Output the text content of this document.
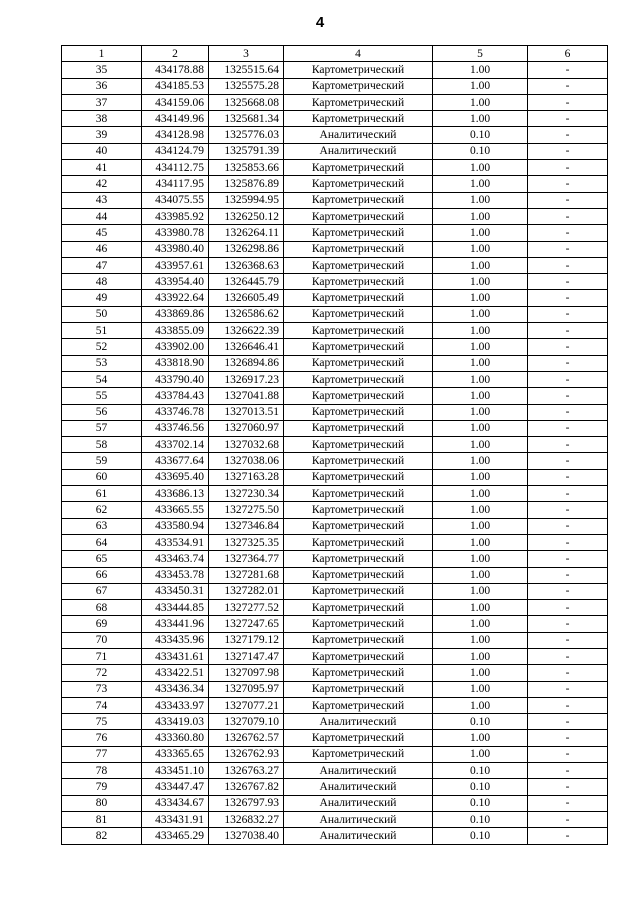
4
1	2	3	4	5	6
35	434178.88	1325515.64	Картометрический	1.00	-
36	434185.53	1325575.28	Картометрический	1.00	-
37	434159.06	1325668.08	Картометрический	1.00	-
38	434149.96	1325681.34	Картометрический	1.00	-
39	434128.98	1325776.03	Аналитический	0.10	-
40	434124.79	1325791.39	Аналитический	0.10	-
41	434112.75	1325853.66	Картометрический	1.00	-
42	434117.95	1325876.89	Картометрический	1.00	-
43	434075.55	1325994.95	Картометрический	1.00	-
44	433985.92	1326250.12	Картометрический	1.00	-
45	433980.78	1326264.11	Картометрический	1.00	-
46	433980.40	1326298.86	Картометрический	1.00	-
47	433957.61	1326368.63	Картометрический	1.00	-
48	433954.40	1326445.79	Картометрический	1.00	-
49	433922.64	1326605.49	Картометрический	1.00	-
50	433869.86	1326586.62	Картометрический	1.00	-
51	433855.09	1326622.39	Картометрический	1.00	-
52	433902.00	1326646.41	Картометрический	1.00	-
53	433818.90	1326894.86	Картометрический	1.00	-
54	433790.40	1326917.23	Картометрический	1.00	-
55	433784.43	1327041.88	Картометрический	1.00	-
56	433746.78	1327013.51	Картометрический	1.00	-
57	433746.56	1327060.97	Картометрический	1.00	-
58	433702.14	1327032.68	Картометрический	1.00	-
59	433677.64	1327038.06	Картометрический	1.00	-
60	433695.40	1327163.28	Картометрический	1.00	-
61	433686.13	1327230.34	Картометрический	1.00	-
62	433665.55	1327275.50	Картометрический	1.00	-
63	433580.94	1327346.84	Картометрический	1.00	-
64	433534.91	1327325.35	Картометрический	1.00	-
65	433463.74	1327364.77	Картометрический	1.00	-
66	433453.78	1327281.68	Картометрический	1.00	-
67	433450.31	1327282.01	Картометрический	1.00	-
68	433444.85	1327277.52	Картометрический	1.00	-
69	433441.96	1327247.65	Картометрический	1.00	-
70	433435.96	1327179.12	Картометрический	1.00	-
71	433431.61	1327147.47	Картометрический	1.00	-
72	433422.51	1327097.98	Картометрический	1.00	-
73	433436.34	1327095.97	Картометрический	1.00	-
74	433433.97	1327077.21	Картометрический	1.00	-
75	433419.03	1327079.10	Аналитический	0.10	-
76	433360.80	1326762.57	Картометрический	1.00	-
77	433365.65	1326762.93	Картометрический	1.00	-
78	433451.10	1326763.27	Аналитический	0.10	-
79	433447.47	1326767.82	Аналитический	0.10	-
80	433434.67	1326797.93	Аналитический	0.10	-
81	433431.91	1326832.27	Аналитический	0.10	-
82	433465.29	1327038.40	Аналитический	0.10	-
